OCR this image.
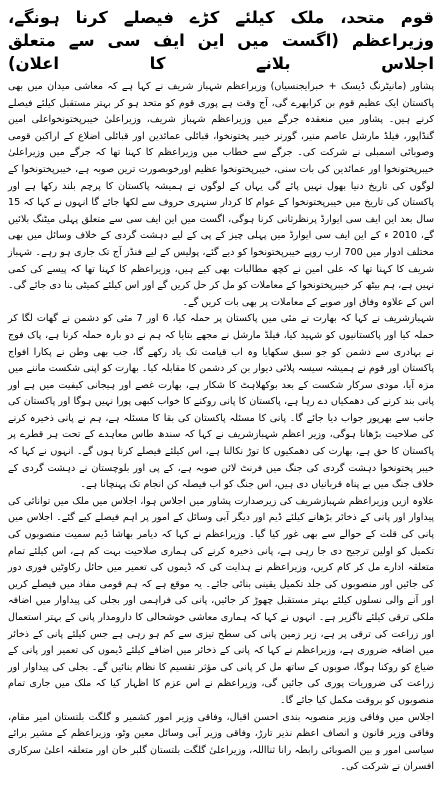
قوم متحد، ملک کیلئے کڑے فیصلے کرنا ہونگے، وزیراعظم (اگست میں این ایف سی سے متعلق اجلاس بلانے کا اعلان)

پشاور (مانیٹرنگ ڈیسک + خبرایجنسیاں) وزیراعظم شہباز شریف نے کہا ہے کہ معاشی میدان میں بھی پاکستان ایک عظیم قوم بن کرابھرے گی، آج وقت ہے پوری قوم کو متحد ہو کر بہتر مستقبل کیلئے فیصلے کرنے ہیں۔ پشاور میں منعقدہ جرگے میں وزیراعظم شہباز شریف، وزیراعلیٰ خیبرپختونخواعلی امین گنڈاپور، فیلڈ مارشل عاصم منیر، گورنر خیبر پختونخوا، قبائلی عمائدین اور قبائلی اضلاع کے اراکین قومی وصوبائی اسمبلی نے شرکت کی۔ جرگے سے خطاب میں وزیراعظم کا کہنا تھا کہ جرگے میں وزیراعلیٰ خیبرپختونخوا اور عمائدین کی بات سنی، خیبرپختونخوا عظیم اورخوبصورت ترین صوبہ ہے، خیبرپختونخوا کے لوگوں کی تاریخ دنیا بھول نہیں پائے گی یہاں کے لوگوں نے ہمیشہ پاکستان کا پرچم بلند رکھا ہے اور پاکستان کی تاریخ میں خیبرپختونخوا کے عوام کا کردار سنہری حروف سے لکھا جائے گا انہوں نے کہا کہ 15 سال بعد این ایف سی ایوارڈ پرنظرثانی کرنا ہوگی، اگست میں این ایف سی سے متعلق پہلی میٹنگ بلائیں گے، 2010 ء کے این ایف سی ایوارڈ میں پہلی چیز کے پی کے لیے دہشت گردی کے خلاف وسائل میں بھی مختلف ادوار میں 700 ارب روپے خیبرپختونخوا کو دیے گئے، پولیس کے لیے فنڈز آج تک جاری ہو رہے۔ شہباز شریف کا کہنا تھا کہ علی امین نے کچھ مطالبات بھی کیے ہیں، وزیراعظم کا کہنا تھا کہ پیسے کی کمی نہیں ہے، ہم بیٹھ کر خیبرپختونخوا کے معاملات کو مل کر حل کریں گے اور اس کیلئے کمیٹی بنا دی جائے گی۔ اس کے علاوہ وفاق اور صوبے کے معاملات پر بھی بات کریں گے۔

شہبازشریف نے کہا کہ بھارت نے مئی میں پاکستان پر حملہ کیا، 6 اور 7 مئی کو دشمن نے گھات لگا کر حملہ کیا اور پاکستانیوں کو شہید کیا، فیلڈ مارشل نے مجھے بتایا کہ ہم نے دو بارہ حملہ کرنا ہے، پاک فوج نے بہادری سے دشمن کو جو سبق سکھایا وہ اب قیامت تک یاد رکھے گا، جب بھی وطن نے پکارا افواج پاکستان اور قوم نے ہمیشہ سیسہ پلائی دیوار بن کر دشمن کا مقابلہ کیا۔ بھارت کو اپنی شکست ماننے میں مزہ آیا، مودی سرکار شکست کے بعد بوکھلاہٹ کا شکار ہے، بھارت غصے اور ہیجانی کیفیت میں ہے اور پانی بند کرنے کی دھمکیاں دے رہا ہے، پاکستان کا پانی روکنے کا خواب کبھی پورا نہیں ہوگا اور پاکستان کی جانب سے بھرپور جواب دیا جائے گا۔ پانی کا مسئلہ پاکستان کی بقا کا مسئلہ ہے، ہم نے پانی ذخیرہ کرنے کی صلاحیت بڑھانا ہوگی، وزیر اعظم شہبازشریف نے کہا کہ سندھ طاس معاہدے کے تحت ہر قطرے پر پاکستان کا حق ہے، بھارت کی دھمکیوں کا توڑ نکالنا ہے، اس کیلئے فیصلے کرنا ہوں گے۔ انہوں نے کہا کہ خیبر پختونخوا دہشت گردی کی جنگ میں فرنٹ لائن صوبہ ہے، کے پی اور بلوچستان نے دہشت گردی کے خلاف جنگ میں بے پناہ قربانیاں دی ہیں، اس جنگ کو اب فیصلہ کن انجام تک پہنچانا ہے۔

علاوہ ازیں وزیراعظم شہبازشریف کی زیرصدارت پشاور میں اجلاس ہوا، اجلاس میں ملک میں توانائی کی پیداوار اور پانی کے ذخائر بڑھانے کیلئے ڈیم اور دیگر آبی وسائل کے امور پر اہم فیصلے کیے گئے۔ اجلاس میں پانی کی قلت کے حوالے سے بھی غور کیا گیا۔ وزیراعظم نے کہا کہ دیامر بھاشا ڈیم سمیت منصوبوں کی تکمیل کو اولین ترجیح دی جا رہی ہے، پانی ذخیرہ کرنے کی ہماری صلاحیت بہت کم ہے، اس کیلئے تمام متعلقہ ادارے مل کر کام کریں، وزیراعظم نے ہدایت کی کہ ڈیموں کی تعمیر میں حائل رکاوٹیں فوری دور کی جائیں اور منصوبوں کی جلد تکمیل یقینی بنائی جائے۔ یہ موقع ہے کہ ہم قومی مفاد میں فیصلے کریں اور آنے والی نسلوں کیلئے بہتر مستقبل چھوڑ کر جائیں، پانی کی فراہمی اور بجلی کی پیداوار میں اضافہ ملکی ترقی کیلئے ناگزیر ہے۔ انہوں نے کہا کہ ہماری معاشی خوشحالی کا دارومدار پانی کے بہتر استعمال اور زراعت کی ترقی پر ہے، زیر زمین پانی کی سطح تیزی سے کم ہو رہی ہے جس کیلئے پانی کے ذخائر میں اضافہ ضروری ہے، وزیراعظم نے کہا کہ پانی کے ذخائر میں اضافے کیلئے ڈیموں کی تعمیر اور پانی کے ضیاع کو روکنا ہوگا، صوبوں کے ساتھ مل کر پانی کی مؤثر تقسیم کا نظام بنائیں گے۔ بجلی کی پیداوار اور زراعت کی ضروریات پوری کی جائیں گی، وزیراعظم نے اس عزم کا اظہار کیا کہ ملک میں جاری تمام منصوبوں کو بروقت مکمل کیا جائے گا۔

اجلاس میں وفاقی وزیر منصوبہ بندی احسن اقبال، وفاقی وزیر امور کشمیر و گلگت بلتستان امیر مقام، وفاقی وزیر قانون و انصاف اعظم نذیر تارڑ، وفاقی وزیر آبی وسائل معین وٹو، وزیراعظم کے مشیر برائے سیاسی امور و بین الصوبائی رابطہ رانا ثنااللہ، وزیراعلیٰ گلگت بلتستان گلبر خان اور متعلقہ اعلیٰ سرکاری افسران نے شرکت کی۔
